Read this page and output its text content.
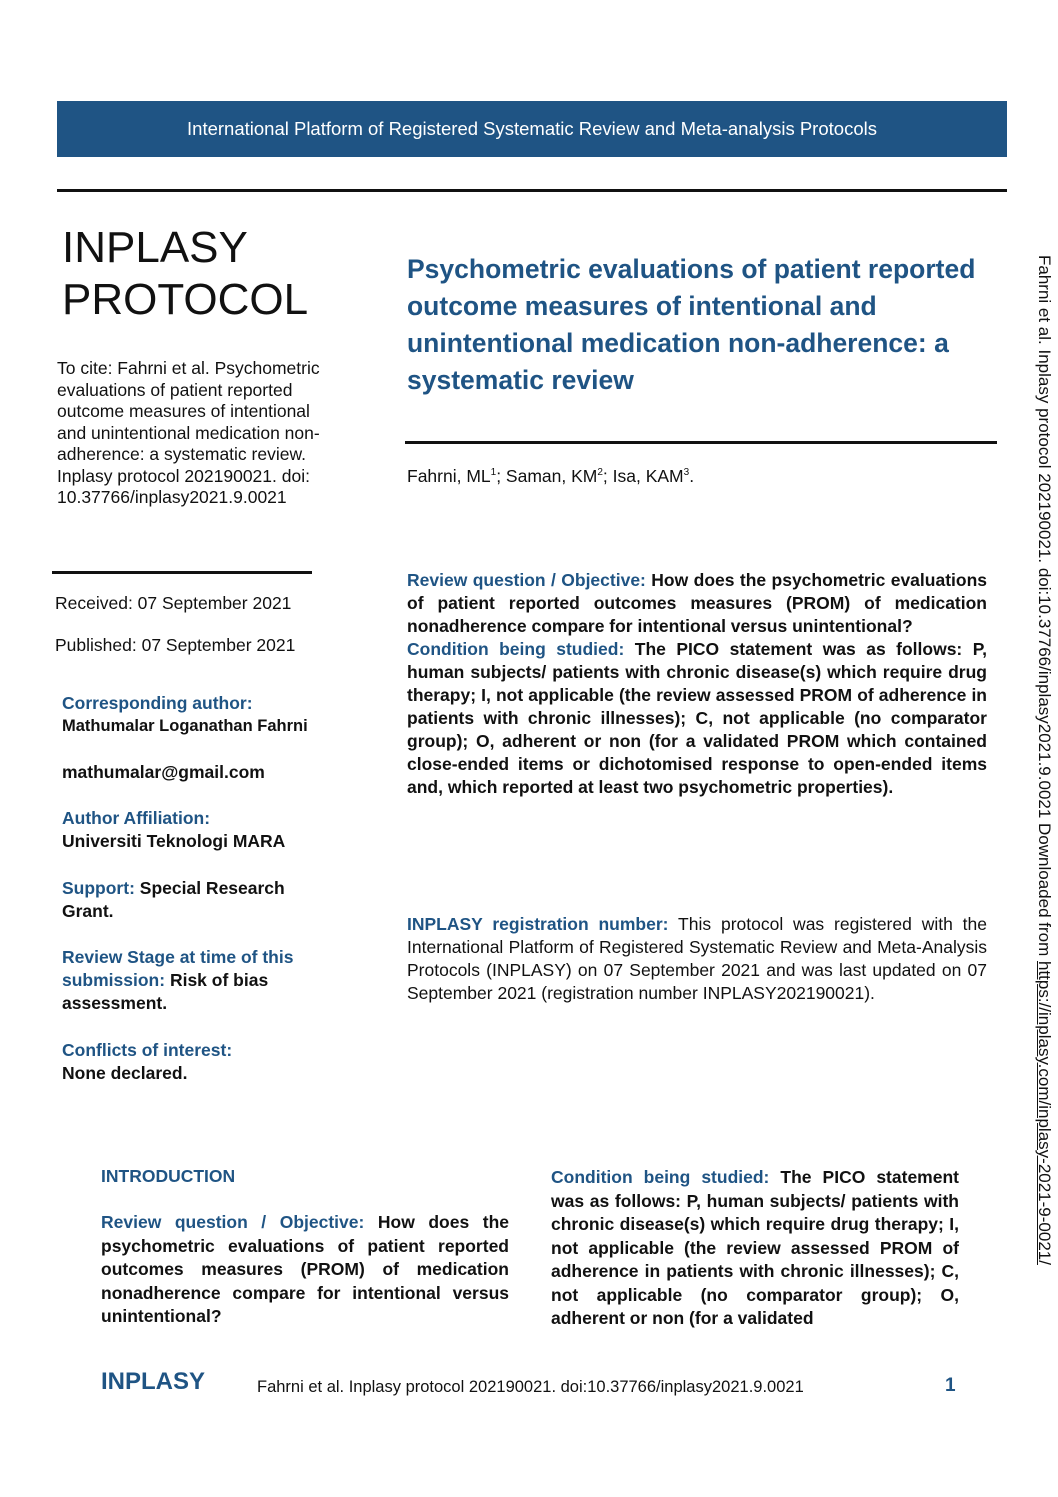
International Platform of Registered Systematic Review and Meta-analysis Protocols
INPLASY
PROTOCOL
To cite: Fahrni et al. Psychometric evaluations of patient reported outcome measures of intentional and unintentional medication non-adherence: a systematic review. Inplasy protocol 202190021. doi: 10.37766/inplasy2021.9.0021
Received: 07 September 2021
Published: 07 September 2021
Corresponding author:
Mathumalar Loganathan Fahrni
mathumalar@gmail.com
Author Affiliation:
Universiti Teknologi MARA
Support: Special Research Grant.
Review Stage at time of this submission: Risk of bias assessment.
Conflicts of interest:
None declared.
Psychometric evaluations of patient reported outcome measures of intentional and unintentional medication non-adherence: a systematic review
Fahrni, $ML^1$; Saman, $KM^2$; Isa, KAM$^3$.
Review question / Objective: How does the psychometric evaluations of patient reported outcomes measures (PROM) of medication nonadherence compare for intentional versus unintentional?
Condition being studied: The PICO statement was as follows: P, human subjects/ patients with chronic disease(s) which require drug therapy; I, not applicable (the review assessed PROM of adherence in patients with chronic illnesses); C, not applicable (no comparator group); O, adherent or non (for a validated PROM which contained close-ended items or dichotomised response to open-ended items and, which reported at least two psychometric properties).
INPLASY registration number: This protocol was registered with the International Platform of Registered Systematic Review and Meta-Analysis Protocols (INPLASY) on 07 September 2021 and was last updated on 07 September 2021 (registration number INPLASY202190021).
Fahrni et al. Inplasy protocol 202190021. doi:10.37766/inplasy2021.9.0021 Downloaded from https://inplasy.com/inplasy-2021-9-0021/
INTRODUCTION
Review question / Objective: How does the psychometric evaluations of patient reported outcomes measures (PROM) of medication nonadherence compare for intentional versus unintentional?
Condition being studied: The PICO statement was as follows: P, human subjects/ patients with chronic disease(s) which require drug therapy; I, not applicable (the review assessed PROM of adherence in patients with chronic illnesses); C, not applicable (no comparator group); O, adherent or non (for a validated
INPLASY	Fahrni et al. Inplasy protocol 202190021. doi:10.37766/inplasy2021.9.0021	1
